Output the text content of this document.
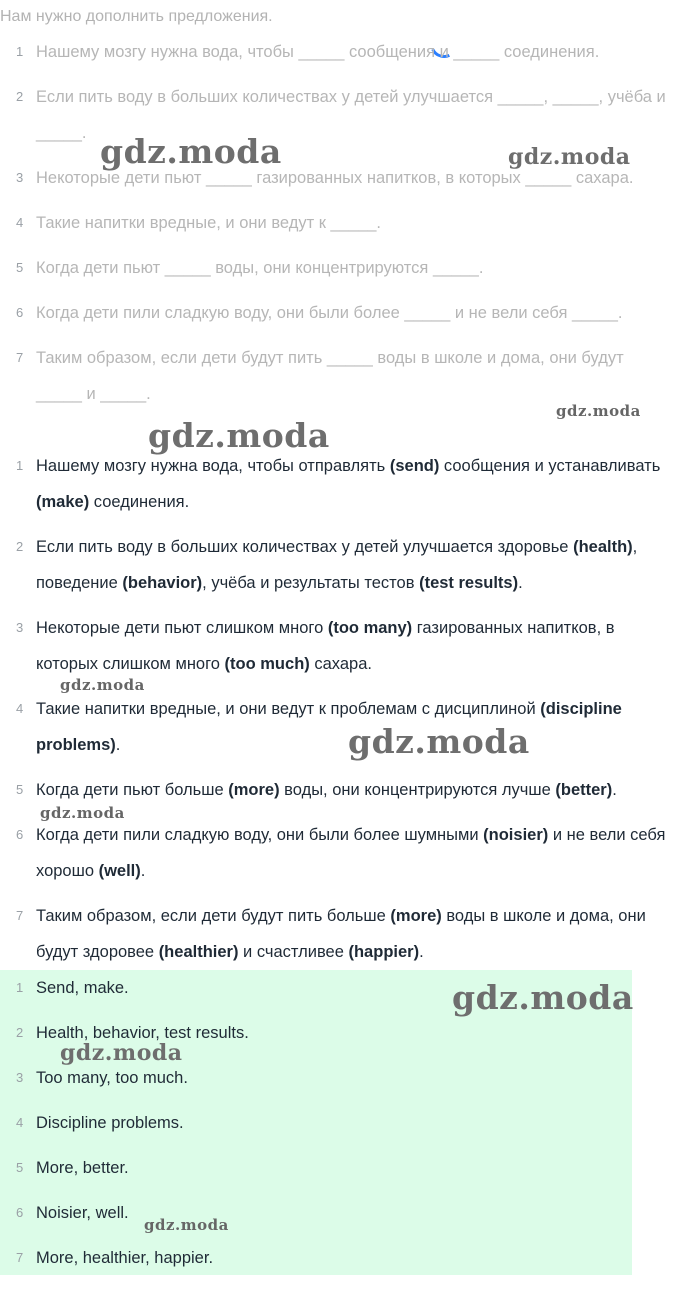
Нам нужно дополнить предложения.
1 Нашему мозгу нужна вода, чтобы _____ сообщения и _____ соединения.
2 Если пить воду в больших количествах у детей улучшается _____, _____, учёба и _____.
3 Некоторые дети пьют _____ газированных напитков, в которых _____ сахара.
4 Такие напитки вредные, и они ведут к _____.
5 Когда дети пьют _____ воды, они концентрируются _____.
6 Когда дети пили сладкую воду, они были более _____ и не вели себя _____.
7 Таким образом, если дети будут пить _____ воды в школе и дома, они будут _____ и _____.
1 Нашему мозгу нужна вода, чтобы отправлять (send) сообщения и устанавливать (make) соединения.
2 Если пить воду в больших количествах у детей улучшается здоровье (health), поведение (behavior), учёба и результаты тестов (test results).
3 Некоторые дети пьют слишком много (too many) газированных напитков, в которых слишком много (too much) сахара.
4 Такие напитки вредные, и они ведут к проблемам с дисциплиной (discipline problems).
5 Когда дети пьют больше (more) воды, они концентрируются лучше (better).
6 Когда дети пили сладкую воду, они были более шумными (noisier) и не вели себя хорошо (well).
7 Таким образом, если дети будут пить больше (more) воды в школе и дома, они будут здоровее (healthier) и счастливее (happier).
1 Send, make.
2 Health, behavior, test results.
3 Too many, too much.
4 Discipline problems.
5 More, better.
6 Noisier, well.
7 More, healthier, happier.
gdz.moda	gdz.moda
gdz.moda
gdz.moda
gdz.moda
gdz.moda
gdz.moda
gdz.moda
gdz.moda
gdz.moda
